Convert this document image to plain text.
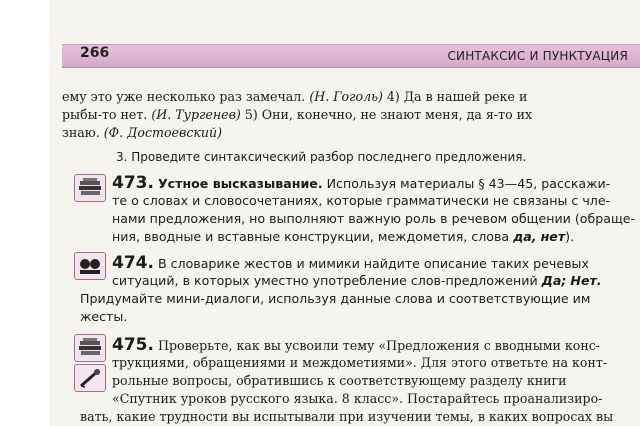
266	СИНТАКСИС И ПУНКТУАЦИЯ
ему это уже несколько раз замечал. (Н. Гоголь) 4) Да в нашей реке и
рыбы-то нет. (И. Тургенев) 5) Они, конечно, не знают меня, да я-то их
знаю. (Ф. Достоевский)
3. Проведите синтаксический разбор последнего предложения.
473. Устное высказывание. Используя материалы § 43—45, расскажи-
те о словах и словосочетаниях, которые грамматически не связаны с чле-
нами предложения, но выполняют важную роль в речевом общении (обраще-
ния, вводные и вставные конструкции, междометия, слова да, нет).
474. В словарике жестов и мимики найдите описание таких речевых
ситуаций, в которых уместно употребление слов-предложений Да; Нет.
Придумайте мини-диалоги, используя данные слова и соответствующие им
жесты.
475. Проверьте, как вы усвоили тему «Предложения с вводными конс-
трукциями, обращениями и междометиями». Для этого ответьте на конт-
рольные вопросы, обратившись к соответствующему разделу книги
«Спутник уроков русского языка. 8 класс». Постарайтесь проанализиро-
вать, какие трудности вы испытывали при изучении темы, в каких вопросах вы
